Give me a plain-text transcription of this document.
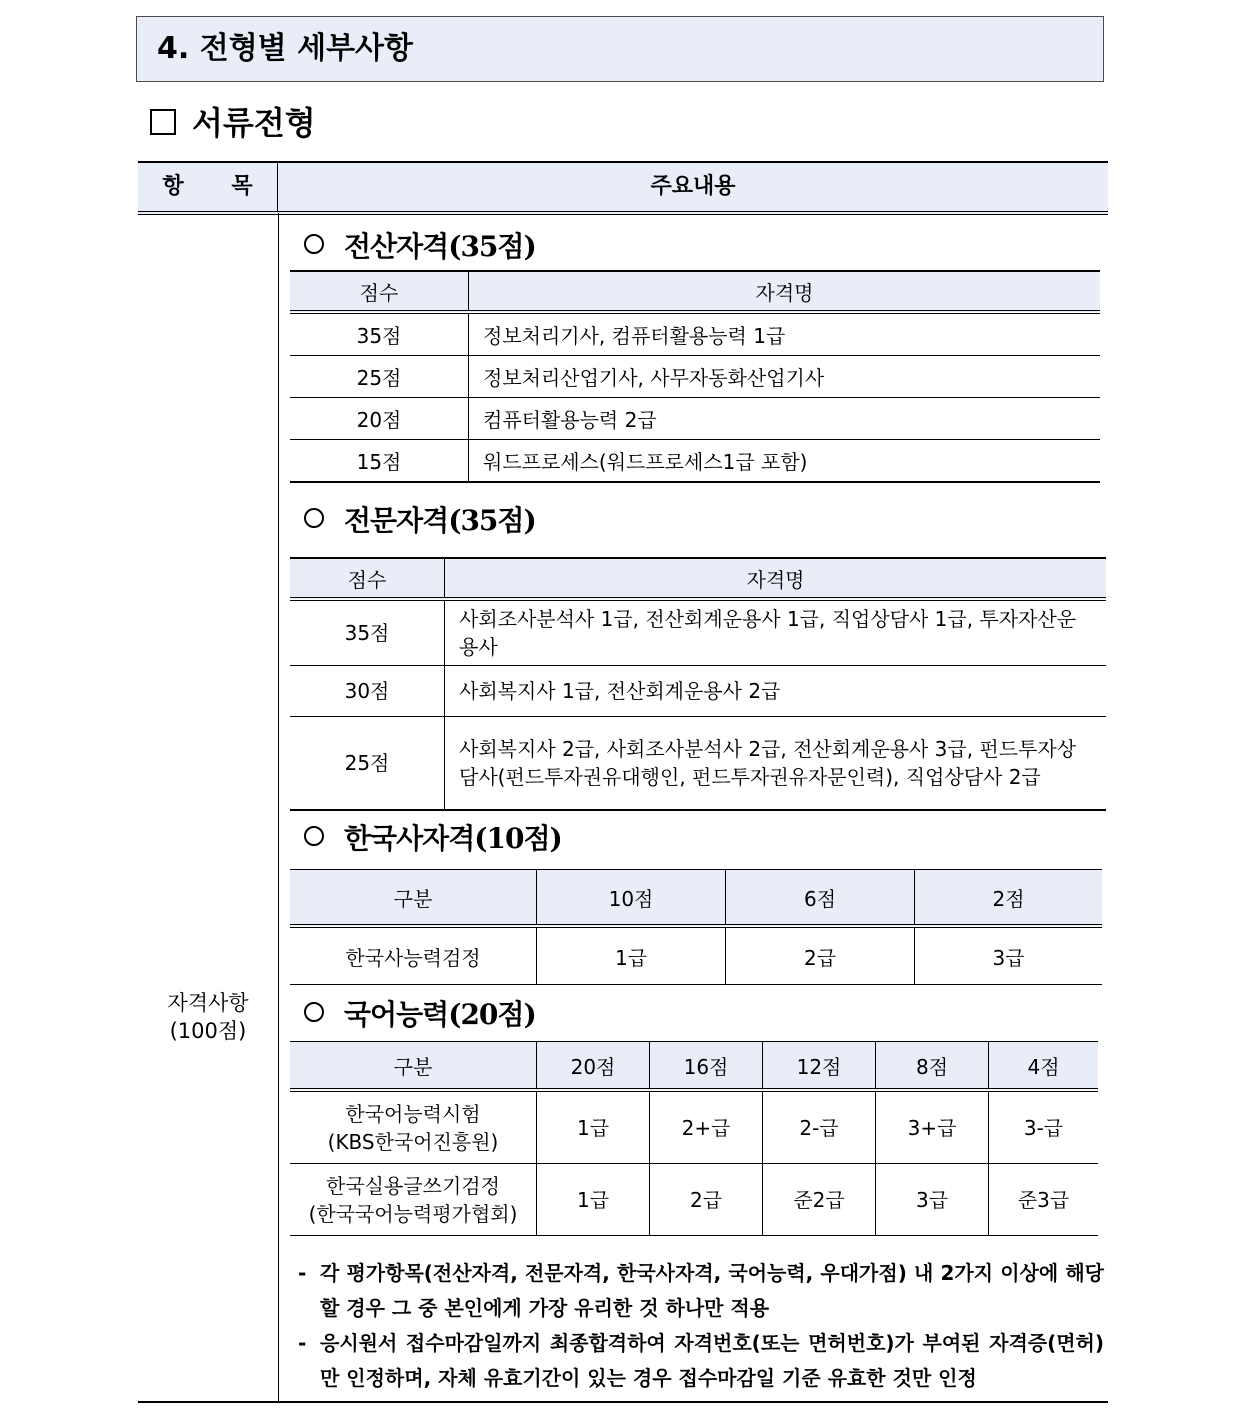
4. 전형별 세부사항
서류전형
항 목	주요내용
자격사항
(100점)
전산자격(35점)
점수	자격명
35점	정보처리기사, 컴퓨터활용능력 1급
25점	정보처리산업기사, 사무자동화산업기사
20점	컴퓨터활용능력 2급
15점	워드프로세스(워드프로세스1급 포함)
전문자격(35점)
점수	자격명
35점	사회조사분석사 1급, 전산회계운용사 1급, 직업상담사 1급, 투자자산운용사
30점	사회복지사 1급, 전산회계운용사 2급
25점	사회복지사 2급, 사회조사분석사 2급, 전산회계운용사 3급, 펀드투자상담사(펀드투자권유대행인, 펀드투자권유자문인력), 직업상담사 2급
한국사자격(10점)
구분	10점	6점	2점
한국사능력검정	1급	2급	3급
국어능력(20점)
구분	20점	16점	12점	8점	4점

한국어능력시험
(KBS한국어진흥원)	1급	2+급	2-급	3+급	3-급

한국실용글쓰기검정
(한국국어능력평가협회)	1급	2급	준2급	3급	준3급
- 각 평가항목(전산자격, 전문자격, 한국사자격, 국어능력, 우대가점) 내 2가지 이상에 해당할 경우 그 중 본인에게 가장 유리한 것 하나만 적용
- 응시원서 접수마감일까지 최종합격하여 자격번호(또는 면허번호)가 부여된 자격증(면허)만 인정하며, 자체 유효기간이 있는 경우 접수마감일 기준 유효한 것만 인정
